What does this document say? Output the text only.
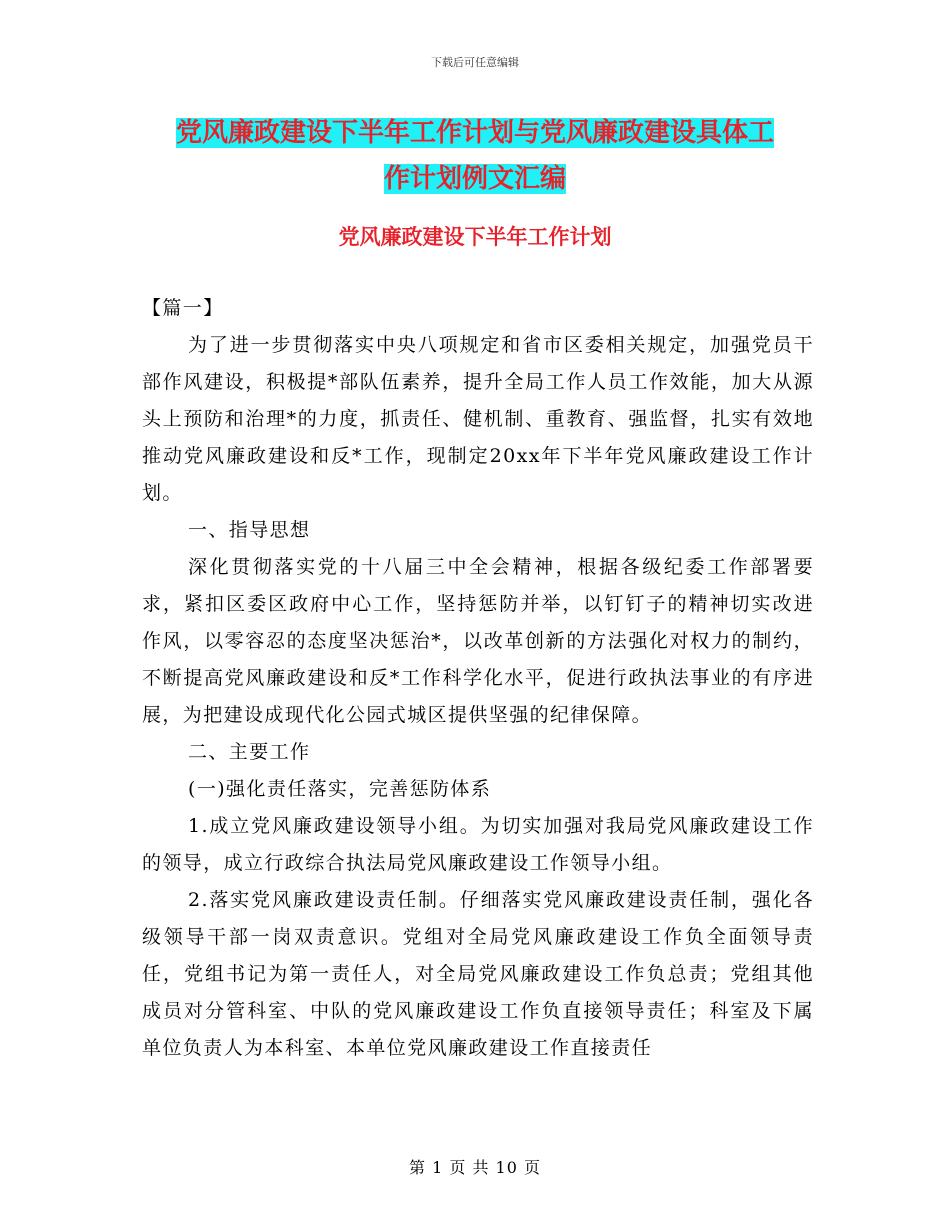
下载后可任意编辑
党风廉政建设下半年工作计划与党风廉政建设具体工
作计划例文汇编
党风廉政建设下半年工作计划

【篇一】

为了进一步贯彻落实中央八项规定和省市区委相关规定，加强党员干部作风建设，积极提*部队伍素养，提升全局工作人员工作效能，加大从源头上预防和治理*的力度，抓责任、健机制、重教育、强监督，扎实有效地推动党风廉政建设和反*工作，现制定20xx年下半年党风廉政建设工作计划。

一、指导思想

深化贯彻落实党的十八届三中全会精神，根据各级纪委工作部署要求，紧扣区委区政府中心工作，坚持惩防并举，以钉钉子的精神切实改进作风，以零容忍的态度坚决惩治*，以改革创新的方法强化对权力的制约，不断提高党风廉政建设和反*工作科学化水平，促进行政执法事业的有序进展，为把建设成现代化公园式城区提供坚强的纪律保障。

二、主要工作

(一)强化责任落实，完善惩防体系

1.成立党风廉政建设领导小组。为切实加强对我局党风廉政建设工作的领导，成立行政综合执法局党风廉政建设工作领导小组。

2.落实党风廉政建设责任制。仔细落实党风廉政建设责任制，强化各级领导干部一岗双责意识。党组对全局党风廉政建设工作负全面领导责任，党组书记为第一责任人，对全局党风廉政建设工作负总责；党组其他成员对分管科室、中队的党风廉政建设工作负直接领导责任；科室及下属单位负责人为本科室、本单位党风廉政建设工作直接责任

第 1 页 共 10 页
